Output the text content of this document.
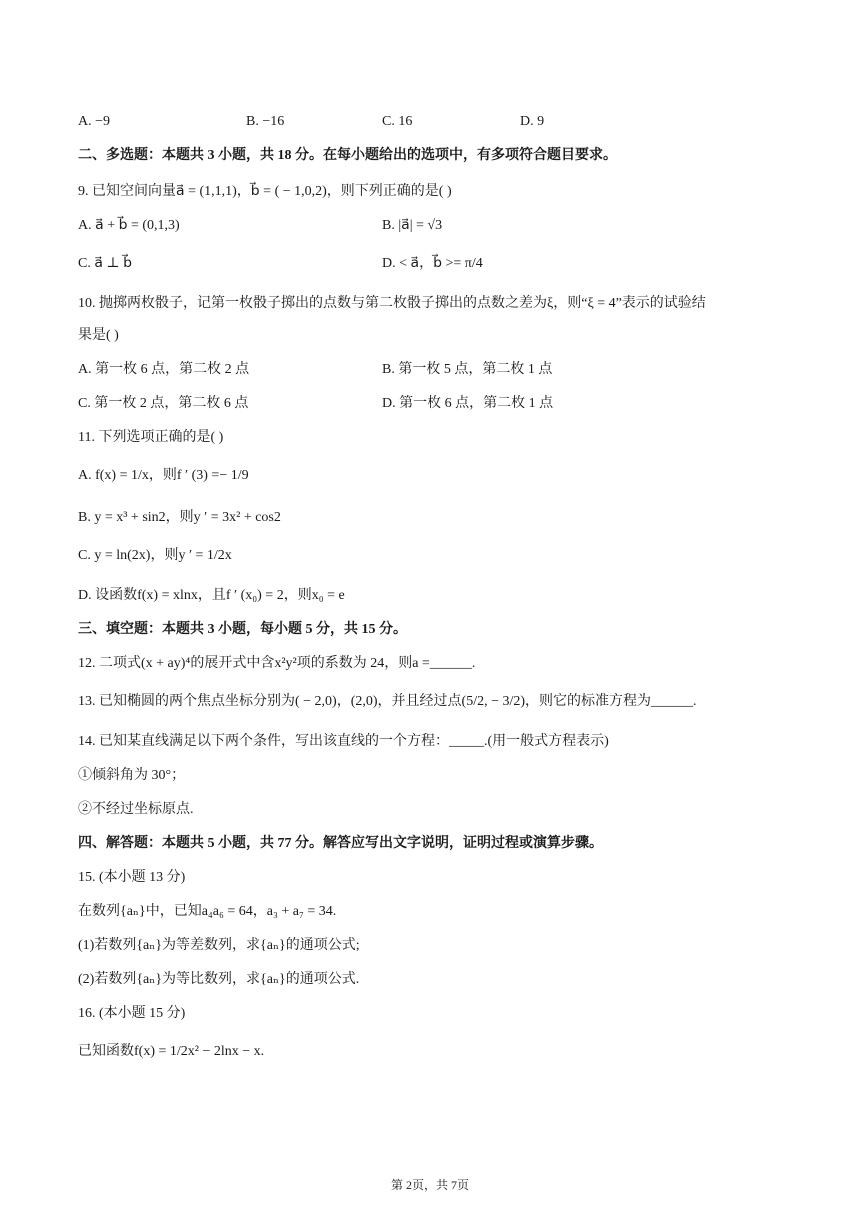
A. −9	B. −16	C. 16	D. 9
二、多选题：本题共 3 小题，共 18 分。在每小题给出的选项中，有多项符合题目要求。
9. 已知空间向量a⃗ = (1,1,1)，b⃗ = ( − 1,0,2)，则下列正确的是( )
A. a⃗ + b⃗ = (0,1,3)	B. |a⃗| = √3
C. a⃗ ⊥ b⃗	D. < a⃗，b⃗ >= π/4
10. 抛掷两枚骰子，记第一枚骰子掷出的点数与第二枚骰子掷出的点数之差为ξ，则“ξ = 4”表示的试验结
果是( )
A. 第一枚 6 点，第二枚 2 点	B. 第一枚 5 点，第二枚 1 点
C. 第一枚 2 点，第二枚 6 点	D. 第一枚 6 点，第二枚 1 点
11. 下列选项正确的是( )
A. f(x) = 1/x，则f ′ (3) =− 1/9
B. y = x³ + sin2，则y ′ = 3x² + cos2
C. y = ln(2x)，则y ′ = 1/2x
D. 设函数f(x) = xlnx，且f ′ (x₀) = 2，则x₀ = e
三、填空题：本题共 3 小题，每小题 5 分，共 15 分。
12. 二项式(x + ay)⁴的展开式中含x²y²项的系数为 24，则a =______.
13. 已知椭圆的两个焦点坐标分别为( − 2,0)，(2,0)，并且经过点(5/2, − 3/2)，则它的标准方程为______.
14. 已知某直线满足以下两个条件，写出该直线的一个方程：_____.(用一般式方程表示)
①倾斜角为 30°；
②不经过坐标原点.
四、解答题：本题共 5 小题，共 77 分。解答应写出文字说明，证明过程或演算步骤。
15. (本小题 13 分)
在数列{aₙ}中，已知a₄a₆ = 64，a₃ + a₇ = 34.
(1)若数列{aₙ}为等差数列，求{aₙ}的通项公式;
(2)若数列{aₙ}为等比数列，求{aₙ}的通项公式.
16. (本小题 15 分)
已知函数f(x) = 1/2x² − 2lnx − x.
第 2页，共 7页
